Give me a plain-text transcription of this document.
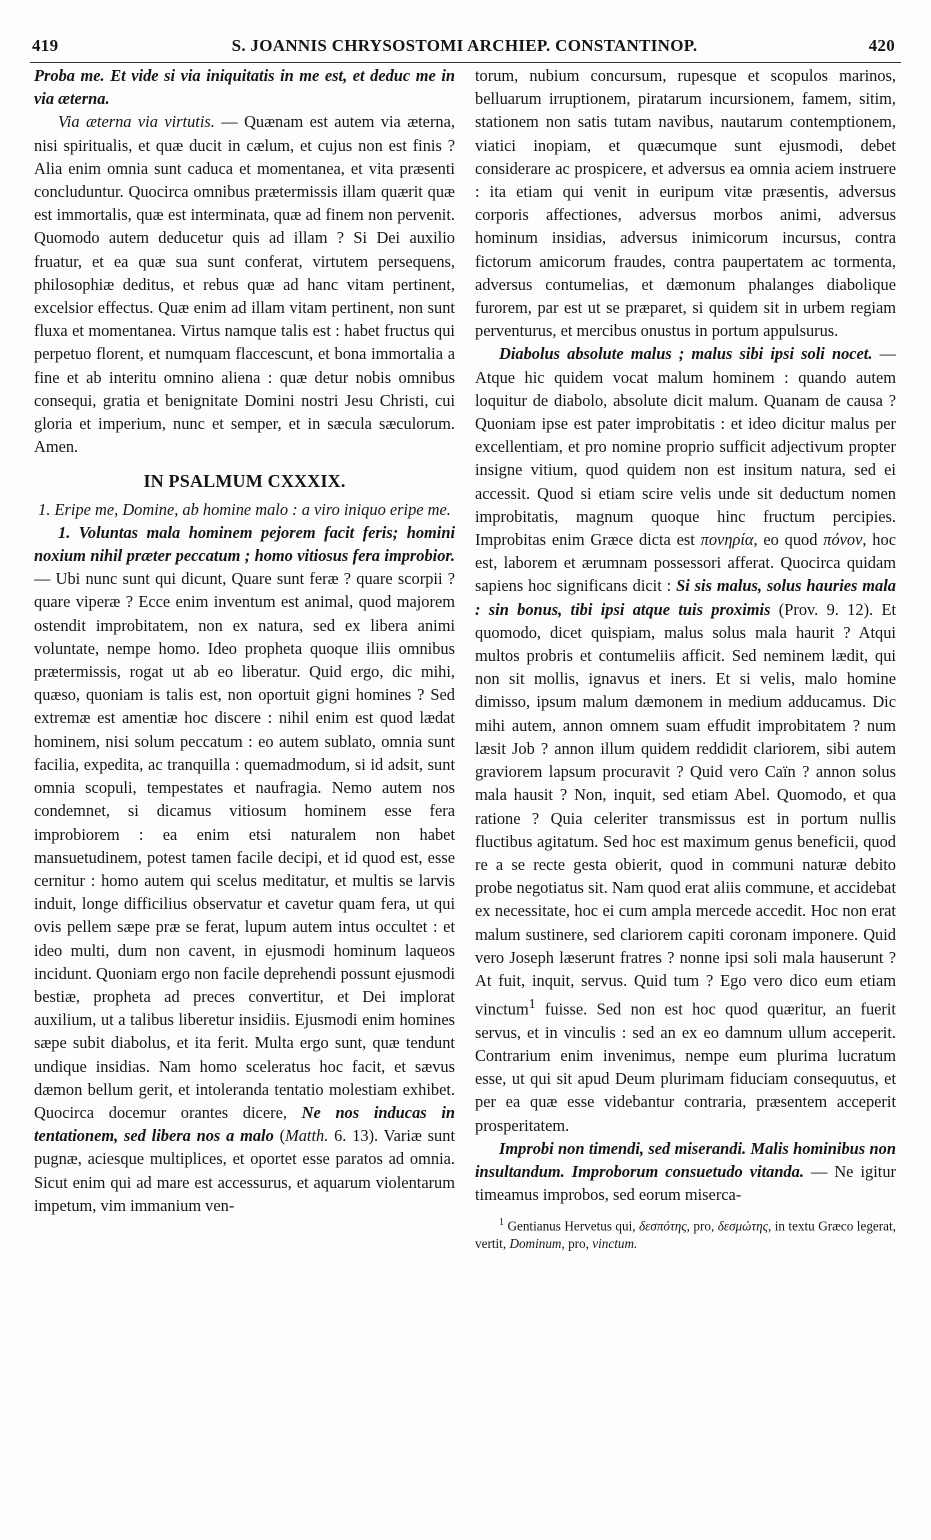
419	S. JOANNIS CHRYSOSTOMI ARCHIEP. CONSTANTINOP.	420

Proba me. Et vide si via iniquitatis in me est, et deduc me in via æterna.

Via æterna via virtutis. — Quænam est autem via æterna, nisi spiritualis, et quæ ducit in cælum, et cujus non est finis ? Alia enim omnia sunt caduca et momentanea, et vita præsenti concluduntur. Quocirca omnibus prætermissis illam quærit quæ est immortalis, quæ est interminata, quæ ad finem non pervenit. Quomodo autem deducetur quis ad illam ? Si Dei auxilio fruatur, et ea quæ sua sunt conferat, virtutem persequens, philosophiæ deditus, et rebus quæ ad hanc vitam pertinent, excelsior effectus. Quæ enim ad illam vitam pertinent, non sunt fluxa et momentanea. Virtus namque talis est : habet fructus qui perpetuo florent, et numquam flaccescunt, et bona immortalia a fine et ab interitu omnino aliena : quæ detur nobis omnibus consequi, gratia et benignitate Domini nostri Jesu Christi, cui gloria et imperium, nunc et semper, et in sæcula sæculorum. Amen.

IN PSALMUM CXXXIX.

1. Eripe me, Domine, ab homine malo : a viro iniquo eripe me.

1. Voluntas mala hominem pejorem facit feris; homini noxium nihil præter peccatum ; homo vitiosus fera improbior. — Ubi nunc sunt qui dicunt, Quare sunt feræ ? quare scorpii ? quare viperæ ? Ecce enim inventum est animal, quod majorem ostendit improbitatem, non ex natura, sed ex libera animi voluntate, nempe homo. Ideo propheta quoque iliis omnibus prætermissis, rogat ut ab eo liberatur. Quid ergo, dic mihi, quæso, quoniam is talis est, non oportuit gigni homines ? Sed extremæ est amentiæ hoc discere : nihil enim est quod lædat hominem, nisi solum peccatum : eo autem sublato, omnia sunt facilia, expedita, ac tranquilla : quemadmodum, si id adsit, sunt omnia scopuli, tempestates et naufragia. Nemo autem nos condemnet, si dicamus vitiosum hominem esse fera improbiorem : ea enim etsi naturalem non habet mansuetudinem, potest tamen facile decipi, et id quod est, esse cernitur : homo autem qui scelus meditatur, et multis se larvis induit, longe difficilius observatur et cavetur quam fera, ut qui ovis pellem sæpe præ se ferat, lupum autem intus occultet : et ideo multi, dum non cavent, in ejusmodi hominum laqueos incidunt. Quoniam ergo non facile deprehendi possunt ejusmodi bestiæ, propheta ad preces convertitur, et Dei implorat auxilium, ut a talibus liberetur insidiis. Ejusmodi enim homines sæpe subit diabolus, et ita ferit. Multa ergo sunt, quæ tendunt undique insidias. Nam homo sceleratus hoc facit, et sævus dæmon bellum gerit, et intoleranda tentatio molestiam exhibet. Quocirca docemur orantes dicere, Ne nos inducas in tentationem, sed libera nos a malo (Matth. 6. 13). Variæ sunt pugnæ, aciesque multiplices, et oportet esse paratos ad omnia. Sicut enim qui ad mare est accessurus, et aquarum violentarum impetum, vim immanium ven-

torum, nubium concursum, rupesque et scopulos marinos, belluarum irruptionem, piratarum incursionem, famem, sitim, stationem non satis tutam navibus, nautarum contemptionem, viatici inopiam, et quæcumque sunt ejusmodi, debet considerare ac prospicere, et adversus ea omnia aciem instruere : ita etiam qui venit in euripum vitæ præsentis, adversus corporis affectiones, adversus morbos animi, adversus hominum insidias, adversus inimicorum incursus, contra fictorum amicorum fraudes, contra paupertatem ac tormenta, adversus contumelias, et dæmonum phalanges diabolique furorem, par est ut se præparet, si quidem sit in urbem regiam perventurus, et mercibus onustus in portum appulsurus.

Diabolus absolute malus ; malus sibi ipsi soli nocet. — Atque hic quidem vocat malum hominem : quando autem loquitur de diabolo, absolute dicit malum. Quanam de causa ? Quoniam ipse est pater improbitatis : et ideo dicitur malus per excellentiam, et pro nomine proprio sufficit adjectivum propter insigne vitium, quod quidem non est insitum natura, sed ei accessit. Quod si etiam scire velis unde sit deductum nomen improbitatis, magnum quoque hinc fructum percipies. Improbitas enim Græce dicta est πονηρία, eo quod πόνον, hoc est, laborem et ærumnam possessori afferat. Quocirca quidam sapiens hoc significans dicit : Si sis malus, solus hauries mala : sin bonus, tibi ipsi atque tuis proximis (Prov. 9. 12). Et quomodo, dicet quispiam, malus solus mala haurit ? Atqui multos probris et contumeliis afficit. Sed neminem lædit, qui non sit mollis, ignavus et iners. Et si velis, malo homine dimisso, ipsum malum dæmonem in medium adducamus. Dic mihi autem, annon omnem suam effudit improbitatem ? num læsit Job ? annon illum quidem reddidit clariorem, sibi autem graviorem lapsum procuravit ? Quid vero Caïn ? annon solus mala hausit ? Non, inquit, sed etiam Abel. Quomodo, et qua ratione ? Quia celeriter transmissus est in portum nullis fluctibus agitatum. Sed hoc est maximum genus beneficii, quod re a se recte gesta obierit, quod in communi naturæ debito probe negotiatus sit. Nam quod erat aliis commune, et accidebat ex necessitate, hoc ei cum ampla mercede accedit. Hoc non erat malum sustinere, sed clariorem capiti coronam imponere. Quid vero Joseph læserunt fratres ? nonne ipsi soli mala hauserunt ? At fuit, inquit, servus. Quid tum ? Ego vero dico eum etiam vinctum$^1$ fuisse. Sed non est hoc quod quæritur, an fuerit servus, et in vinculis : sed an ex eo damnum ullum acceperit. Contrarium enim invenimus, nempe eum plurima lucratum esse, ut qui sit apud Deum plurimam fiduciam consequutus, et per ea quæ esse videbantur contraria, præsentem acceperit prosperitatem.

Improbi non timendi, sed miserandi. Malis hominibus non insultandum. Improborum consuetudo vitanda. — Ne igitur timeamus improbos, sed eorum miserca-

$^1$ Gentianus Hervetus qui, δεσπότης, pro, δεσμώτης, in textu Græco legerat, vertit, Dominum, pro, vinctum.
